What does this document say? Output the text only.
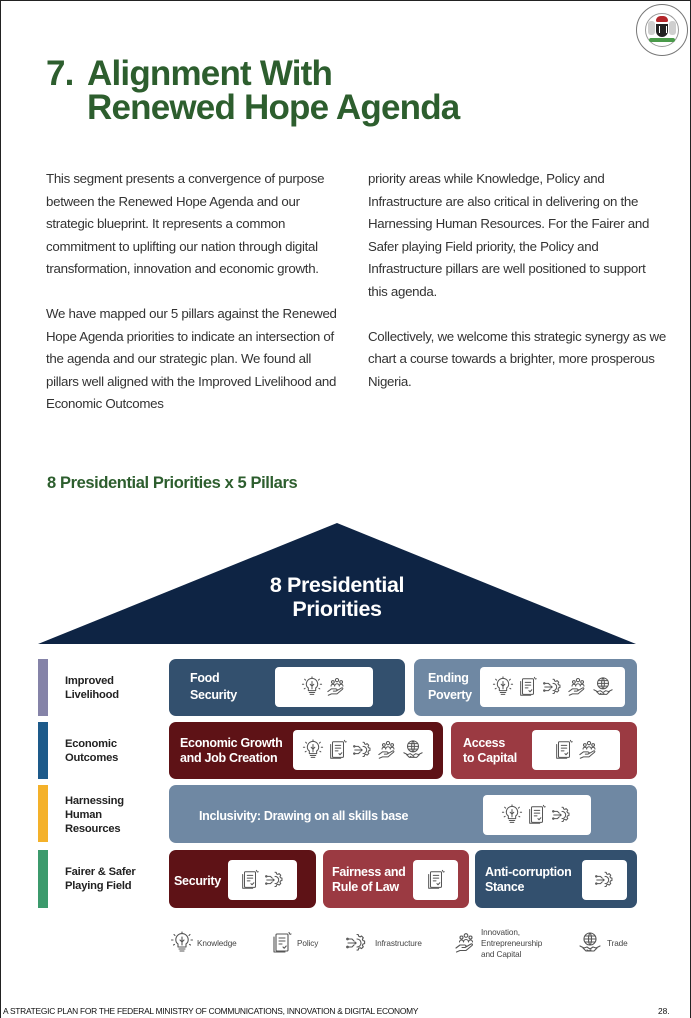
7. Alignment With
Renewed Hope Agenda

This segment presents a convergence of purpose between the Renewed Hope Agenda and our strategic blueprint. It represents a common commitment to uplifting our nation through digital transformation, innovation and economic growth.

We have mapped our 5 pillars against the Renewed Hope Agenda priorities to indicate an intersection of the agenda and our strategic plan. We found all pillars well aligned with the Improved Livelihood and Economic Outcomes

priority areas while Knowledge, Policy and Infrastructure are also critical in delivering on the Harnessing Human Resources. For the Fairer and Safer playing Field priority, the Policy and Infrastructure pillars are well positioned to support this agenda.

Collectively, we welcome this strategic synergy as we chart a course towards a brighter, more prosperous Nigeria.

8 Presidential Priorities x 5 Pillars
8 Presidential
Priorities
Improved
Livelihood
Economic
Outcomes
Harnessing
Human
Resources
Fairer & Safer
Playing Field
Food
Security
Ending
Poverty
Economic Growth
and Job Creation
Access
to Capital
Inclusivity: Drawing on all skills base
Security
Fairness and
Rule of Law
Anti-corruption
Stance
Knowledge	Policy	Infrastructure
Innovation,
Entrepreneurship
and Capital
Trade
A STRATEGIC PLAN FOR THE FEDERAL MINISTRY OF COMMUNICATIONS, INNOVATION & DIGITAL ECONOMY	28.
